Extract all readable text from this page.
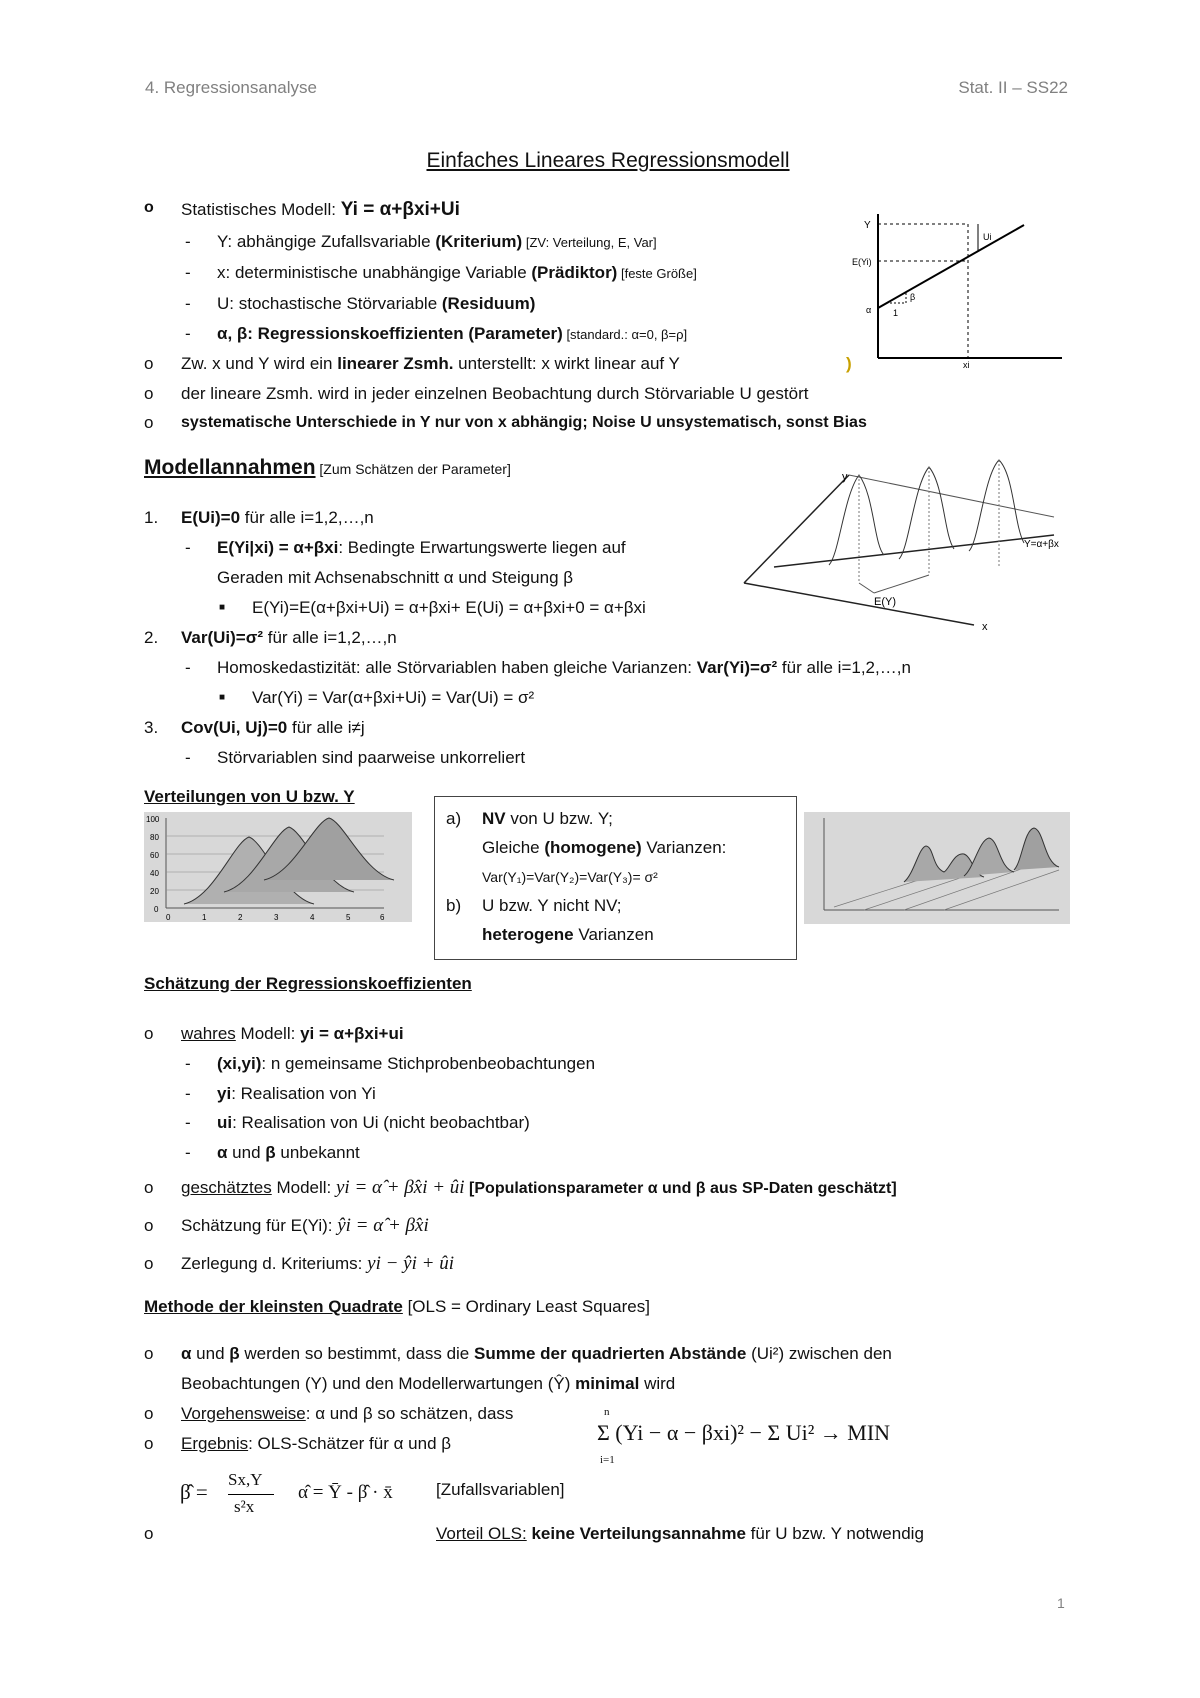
4. Regressionsanalyse	Stat. II – SS22
Einfaches Lineares Regressionsmodell
o Statistisches Modell: Yi = α+βxi+Ui
- Y: abhängige Zufallsvariable (Kriterium) [ZV: Verteilung, E, Var]
- x: deterministische unabhängige Variable (Prädiktor) [feste Größe]
- U: stochastische Störvariable (Residuum)
- α, β: Regressionskoeffizienten (Parameter) [standard.: α=0, β=ρ]
o Zw. x und Y wird ein linearer Zsmh. unterstellt: x wirkt linear auf Y	)
o der lineare Zsmh. wird in jeder einzelnen Beobachtung durch Störvariable U gestört
o systematische Unterschiede in Y nur von x abhängig; Noise U unsystematisch, sonst Bias
Y
E(Yi)
α
β
1
Ui
xi
Modellannahmen [Zum Schätzen der Parameter]
1. E(Ui)=0 für alle i=1,2,…,n
- E(Yi|xi) = α+βxi: Bedingte Erwartungswerte liegen auf
Geraden mit Achsenabschnitt α und Steigung β
■ E(Yi)=E(α+βxi+Ui) = α+βxi+ E(Ui) = α+βxi+0 = α+βxi
2. Var(Ui)=σ² für alle i=1,2,…,n
- Homoskedastizität: alle Störvariablen haben gleiche Varianzen: Var(Yi)=σ² für alle i=1,2,…,n
■ Var(Yi) = Var(α+βxi+Ui) = Var(Ui) = σ²
3. Cov(Ui, Uj)=0 für alle i≠j
- Störvariablen sind paarweise unkorreliert
y
x
E(Y)
Y=α+βx
Verteilungen von U bzw. Y
100
80
60
40
20
0
0	1	2	3	4	5	6
a) NV von U bzw. Y;
Gleiche (homogene) Varianzen:
Var(Y₁)=Var(Y₂)=Var(Y₃)= σ²
b) U bzw. Y nicht NV;
heterogene Varianzen
Schätzung der Regressionskoeffizienten
o wahres Modell: yi = α+βxi+ui
- (xi,yi): n gemeinsame Stichprobenbeobachtungen
- yi: Realisation von Yi
- ui: Realisation von Ui (nicht beobachtbar)
- α und β unbekannt
o geschätztes Modell: yi = α̂ + β̂xi + ûi [Populationsparameter α und β aus SP-Daten geschätzt]
o Schätzung für E(Yi): ŷi = α̂ + β̂xi
o Zerlegung d. Kriteriums: yi − ŷi + ûi
Methode der kleinsten Quadrate [OLS = Ordinary Least Squares]
o α und β werden so bestimmt, dass die Summe der quadrierten Abstände (Ui²) zwischen den
Beobachtungen (Y) und den Modellerwartungen (Ŷ) minimal wird
o Vorgehensweise: α und β so schätzen, dass
o Ergebnis: OLS-Schätzer für α und β	Σ (Yi − α − βxi)² − Σ Ui² → MIN
n
i=1
β̂ =
Sx,Y
s²x
α̂ = Ȳ - β̂ · x̄	[Zufallsvariablen]
o	Vorteil OLS: keine Verteilungsannahme für U bzw. Y notwendig
1
